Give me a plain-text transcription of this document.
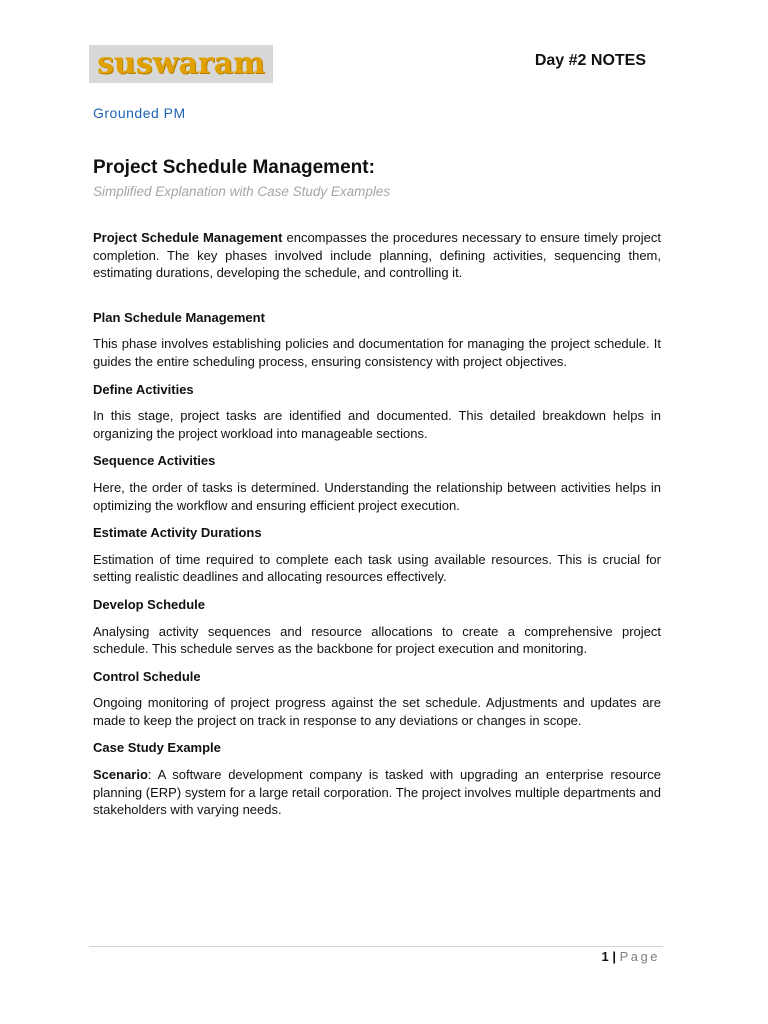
suswaram	Day #2 NOTES
Grounded PM
Project Schedule Management:
Simplified Explanation with Case Study Examples

Project Schedule Management encompasses the procedures necessary to ensure timely project completion. The key phases involved include planning, defining activities, sequencing them, estimating durations, developing the schedule, and controlling it.

Plan Schedule Management

This phase involves establishing policies and documentation for managing the project schedule. It guides the entire scheduling process, ensuring consistency with project objectives.

Define Activities

In this stage, project tasks are identified and documented. This detailed breakdown helps in organizing the project workload into manageable sections.

Sequence Activities

Here, the order of tasks is determined. Understanding the relationship between activities helps in optimizing the workflow and ensuring efficient project execution.

Estimate Activity Durations

Estimation of time required to complete each task using available resources. This is crucial for setting realistic deadlines and allocating resources effectively.

Develop Schedule

Analysing activity sequences and resource allocations to create a comprehensive project schedule. This schedule serves as the backbone for project execution and monitoring.

Control Schedule

Ongoing monitoring of project progress against the set schedule. Adjustments and updates are made to keep the project on track in response to any deviations or changes in scope.

Case Study Example

Scenario: A software development company is tasked with upgrading an enterprise resource planning (ERP) system for a large retail corporation. The project involves multiple departments and stakeholders with varying needs.

1 | Page
